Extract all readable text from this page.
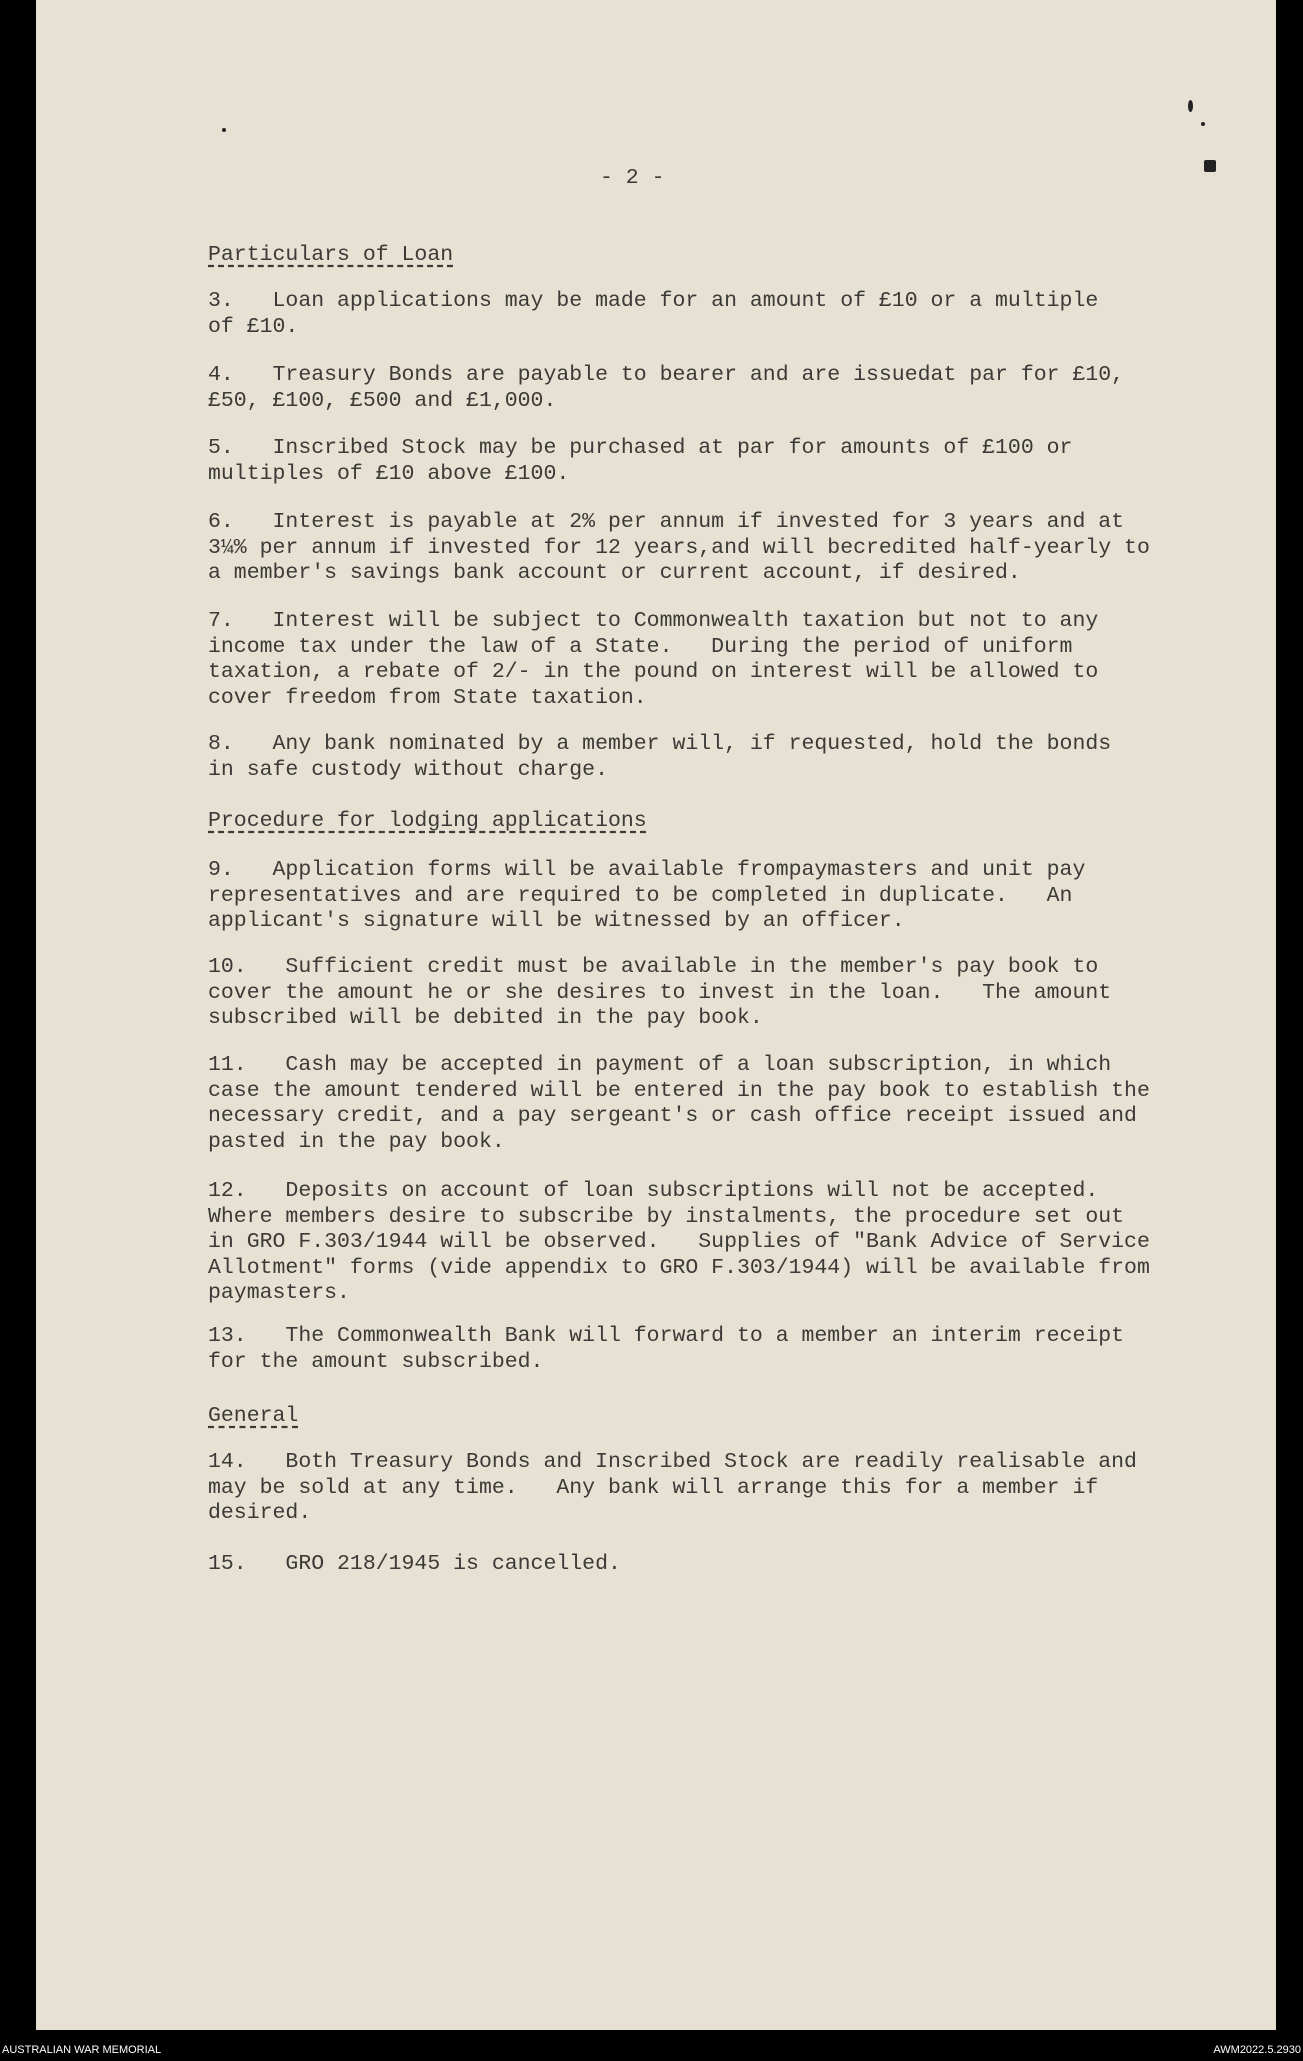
- 2 -
Particulars of Loan
3.   Loan applications may be made for an amount of £10 or a multiple
of £10.
4.   Treasury Bonds are payable to bearer and are issuedat par for £10,
£50, £100, £500 and £1,000.
5.   Inscribed Stock may be purchased at par for amounts of £100 or
multiples of £10 above £100.
6.   Interest is payable at 2% per annum if invested for 3 years and at
3¼% per annum if invested for 12 years,and will becredited half-yearly to
a member's savings bank account or current account, if desired.
7.   Interest will be subject to Commonwealth taxation but not to any
income tax under the law of a State.   During the period of uniform
taxation, a rebate of 2/- in the pound on interest will be allowed to
cover freedom from State taxation.
8.   Any bank nominated by a member will, if requested, hold the bonds
in safe custody without charge.
Procedure for lodging applications
9.   Application forms will be available frompaymasters and unit pay
representatives and are required to be completed in duplicate.   An
applicant's signature will be witnessed by an officer.
10.   Sufficient credit must be available in the member's pay book to
cover the amount he or she desires to invest in the loan.   The amount
subscribed will be debited in the pay book.
11.   Cash may be accepted in payment of a loan subscription, in which
case the amount tendered will be entered in the pay book to establish the
necessary credit, and a pay sergeant's or cash office receipt issued and
pasted in the pay book.
12.   Deposits on account of loan subscriptions will not be accepted.
Where members desire to subscribe by instalments, the procedure set out
in GRO F.303/1944 will be observed.   Supplies of "Bank Advice of Service
Allotment" forms (vide appendix to GRO F.303/1944) will be available from
paymasters.
13.   The Commonwealth Bank will forward to a member an interim receipt
for the amount subscribed.
General
14.   Both Treasury Bonds and Inscribed Stock are readily realisable and
may be sold at any time.   Any bank will arrange this for a member if
desired.
15.   GRO 218/1945 is cancelled.
AUSTRALIAN WAR MEMORIAL	AWM2022.5.2930
